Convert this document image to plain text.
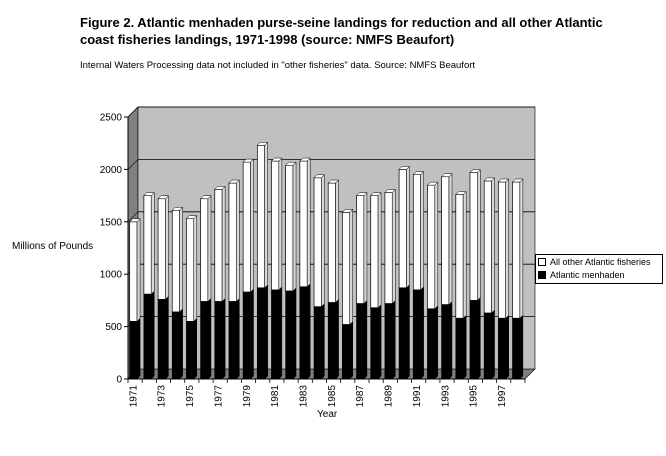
Figure 2. Atlantic menhaden purse-seine landings for reduction and all other Atlantic coast fisheries landings, 1971-1998 (source: NMFS Beaufort)
Internal Waters Processing data not included in "other fisheries" data. Source: NMFS Beaufort
Millions of Pounds
Year
0
500
1000
1500
2000
2500
1971 1973 1975 1977 1979 1981 1983 1985 1987 1989 1991 1993 1995 1997
All other Atlantic fisheries
Atlantic menhaden
